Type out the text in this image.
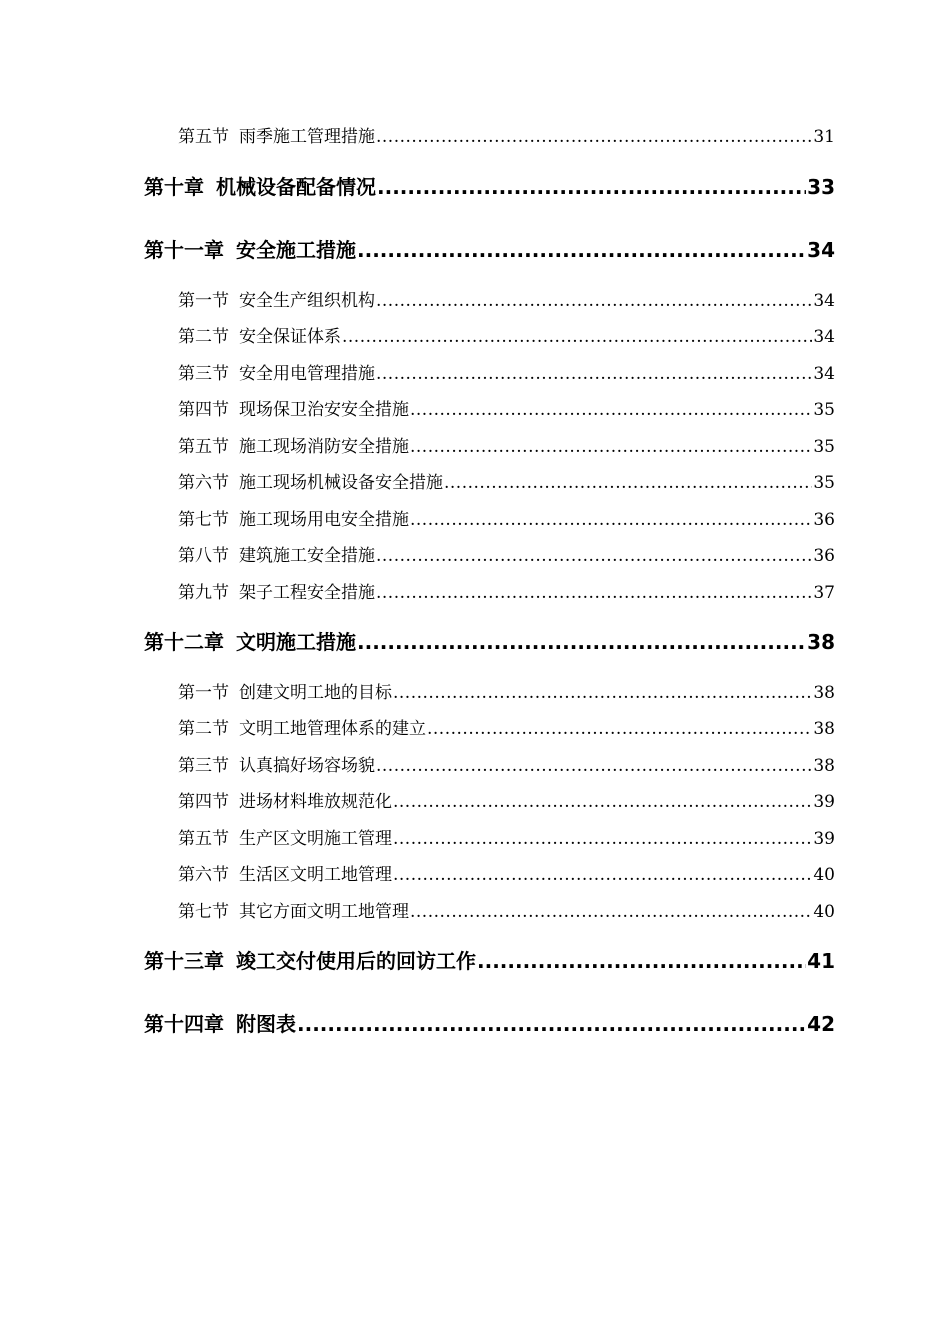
第五节 雨季施工管理措施 .....	31
第十章 机械设备配备情况 .....	33
第十一章 安全施工措施 .....	34
第一节 安全生产组织机构 .....	34
第二节 安全保证体系 .....	34
第三节 安全用电管理措施 .....	34
第四节 现场保卫治安安全措施 .....	35
第五节 施工现场消防安全措施 .....	35
第六节 施工现场机械设备安全措施 .....	35
第七节 施工现场用电安全措施 .....	36
第八节 建筑施工安全措施 .....	36
第九节 架子工程安全措施 .....	37
第十二章 文明施工措施 .....	38
第一节 创建文明工地的目标 .....	38
第二节 文明工地管理体系的建立 .....	38
第三节 认真搞好场容场貌 .....	38
第四节 进场材料堆放规范化 .....	39
第五节 生产区文明施工管理 .....	39
第六节 生活区文明工地管理 .....	40
第七节 其它方面文明工地管理 .....	40
第十三章 竣工交付使用后的回访工作 .....	41
第十四章 附图表 .....	42
